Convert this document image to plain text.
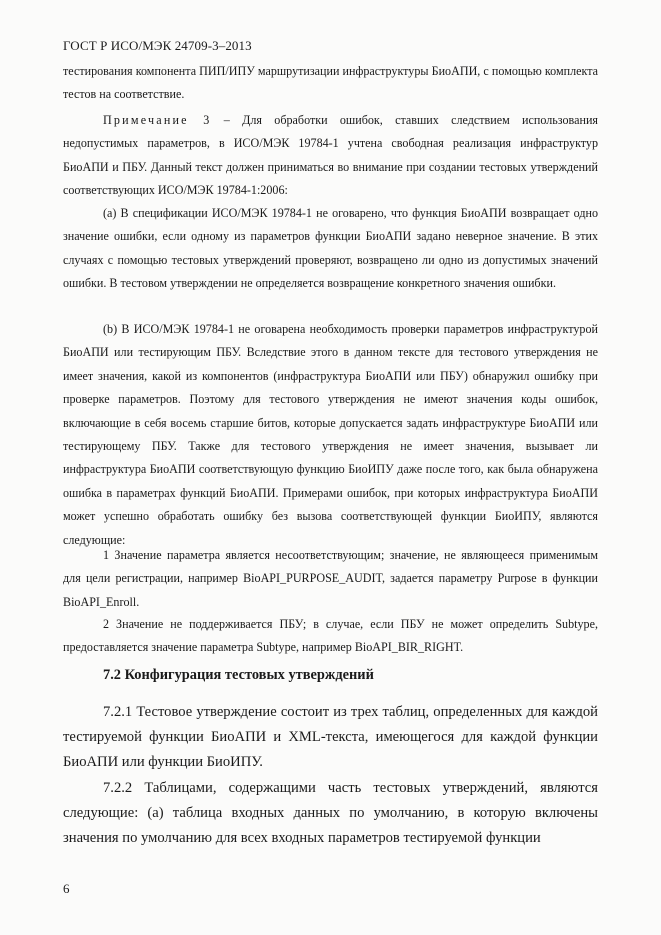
ГОСТ Р ИСО/МЭК 24709-3–2013

тестирования компонента ПИП/ИПУ маршрутизации инфраструктуры БиоАПИ, с помощью комплекта тестов на соответствие.

Примечание 3 – Для обработки ошибок, ставших следствием использования недопустимых параметров, в ИСО/МЭК 19784-1 учтена свободная реализация инфраструктур БиоАПИ и ПБУ. Данный текст должен приниматься во внимание при создании тестовых утверждений соответствующих ИСО/МЭК 19784-1:2006:

(a) В спецификации ИСО/МЭК 19784-1 не оговарено, что функция БиоАПИ возвращает одно значение ошибки, если одному из параметров функции БиоАПИ задано неверное значение. В этих случаях с помощью тестовых утверждений проверяют, возвращено ли одно из допустимых значений ошибки. В тестовом утверждении не определяется возвращение конкретного значения ошибки.

(b) В ИСО/МЭК 19784-1 не оговарена необходимость проверки параметров инфраструктурой БиоАПИ или тестирующим ПБУ. Вследствие этого в данном тексте для тестового утверждения не имеет значения, какой из компонентов (инфраструктура БиоАПИ или ПБУ) обнаружил ошибку при проверке параметров. Поэтому для тестового утверждения не имеют значения коды ошибок, включающие в себя восемь старшие битов, которые допускается задать инфраструктуре БиоАПИ или тестирующему ПБУ. Также для тестового утверждения не имеет значения, вызывает ли инфраструктура БиоАПИ соответствующую функцию БиоИПУ даже после того, как была обнаружена ошибка в параметрах функций БиоАПИ. Примерами ошибок, при которых инфраструктура БиоАПИ может успешно обработать ошибку без вызова соответствующей функции БиоИПУ, являются следующие:

1 Значение параметра является несоответствующим; значение, не являющееся применимым для цели регистрации, например BioAPI_PURPOSE_AUDIT, задается параметру Purpose в функции BioAPI_Enroll.

2 Значение не поддерживается ПБУ; в случае, если ПБУ не может определить Subtype, предоставляется значение параметра Subtype, например BioAPI_BIR_RIGHT.

7.2 Конфигурация тестовых утверждений

7.2.1 Тестовое утверждение состоит из трех таблиц, определенных для каждой тестируемой функции БиоАПИ и XML-текста, имеющегося для каждой функции БиоАПИ или функции БиоИПУ.

7.2.2 Таблицами, содержащими часть тестовых утверждений, являются следующие: (a) таблица входных данных по умолчанию, в которую включены значения по умолчанию для всех входных параметров тестируемой функции

6
